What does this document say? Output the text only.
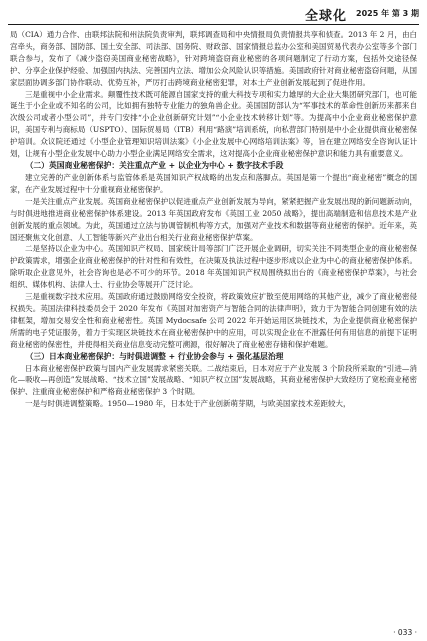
全球化 2025 年 第 3 期

局（CIA）通力合作、由联邦法院和州法院负责审判，联邦调查局和中央情报局负责情报共享和侦查。2013 年 2 月，由白宫牵头，商务部、国防部、国土安全部、司法部、国务院、财政部、国家情报总监办公室和美国贸易代表办公室等多个部门联合参与，发布了《减少盗窃美国商业秘密战略》，针对跨境盗窃商业秘密的各项问题制定了行动方案，包括外交途径保护、分享企业保护经验、加强国内执法、完善国内立法、增加公众风险认识等措施。美国政府针对商业秘密盗窃问题，从国家层面协调多部门协作联动、优势互补，严厉打击跨境商业秘密犯罪，对本土产业创新发展起到了促进作用。

三是重视中小企业需求。颠覆性技术既可能源自国家支持的重大科技专项和实力雄厚的大企业大集团研究部门，也可能诞生于小企业或不知名的公司，比如拥有独特专业能力的独角兽企业。美国国防部认为“军事技术的革命性创新历来都来自次级公司或者小型公司”，并专门安排“小企业创新研究计划”“小企业技术转移计划”等。为提高中小企业商业秘密保护意识，美国专利与商标局（USPTO）、国际贸易局（ITB）利用“路演”培训系统，向私营部门特别是中小企业提供商业秘密保护培训。众议院还通过《小型企业管理知识培训法案》《小企业发展中心网络培训法案》等，旨在建立网络安全咨询认证计划，让规有小型企业发展中心助力小型企业满足网络安全需求，这对提高小企业商业秘密保护意识和能力具有重要意义。

（二）英国商业秘密保护：关注重点产业 + 以企业为中心 + 数字技术手段

建立完善的产业创新体系与监管体系是英国知识产权战略的出发点和落脚点。英国是第一个提出“商业秘密”概念的国家，在产业发展过程中十分重视商业秘密保护。

一是关注重点产业发展。英国商业秘密保护以促进重点产业创新发展为导向，紧紧把握产业发展出现的新问题新动向，与时俱进地推进商业秘密保护体系建设。2013 年英国政府发布《英国工业 2050 战略》，提出高端制造和信息技术是产业创新发展的重点领域。为此，英国通过立法与协调管制机构等方式，加强对产业技术和数据等商业秘密的保护。近年来，英国还聚焦文化创意、人工智能等新兴产业出台相关行业商业秘密保护草案。

二是坚持以企业为中心。英国知识产权局、国家统计局等部门广泛开展企业调研，切实关注不同类型企业的商业秘密保护政策需求，增强企业商业秘密保护的针对性和有效性，在决策及执法过程中逐步形成以企业为中心的商业秘密保护体系。除听取企业意见外，社会咨询也是必不可少的环节。2018 年英国知识产权局围绕拟出台的《商业秘密保护草案》，与社会组织、媒体机构、法律人士、行业协会等展开广泛讨论。

三是重视数字技术应用。英国政府通过鼓励网络安全投资，将政策效应扩散至使用网络的其他产业，减少了商业秘密侵权损失。英国法律科技委员会于 2020 年发布《英国对加密资产与智能合同的法律声明》，致力于为智能合同创建有效的法律框架，增加交易安全性和商业秘密性。英国 Mydocsafe 公司 2022 年开始运用区块链技术，为企业提供商业秘密保护所需的电子凭证服务，着力于实现区块链技术在商业秘密保护中的应用，可以实现企业在不泄露任何有用信息的前提下证明商业秘密的保密性，并使得相关商业信息变动完整可溯源，很好解决了商业秘密存储和保护难题。

（三）日本商业秘密保护：与时俱进调整 + 行业协会参与 + 强化基层治理

日本商业秘密保护政策与国内产业发展需求紧密关联。二战结束后，日本对应于产业发展 3 个阶段所采取的“引进—消化—吸收—再创造”发展战略、“技术立国”发展战略、“知识产权立国”发展战略，其商业秘密保护大致经历了宽松商业秘密保护、注重商业秘密保护和严格商业秘密保护 3 个时期。

一是与时俱进调整策略。1950—1980 年，日本处于产业创新萌芽期，与欧美国家技术差距较大，

· 033 ·
